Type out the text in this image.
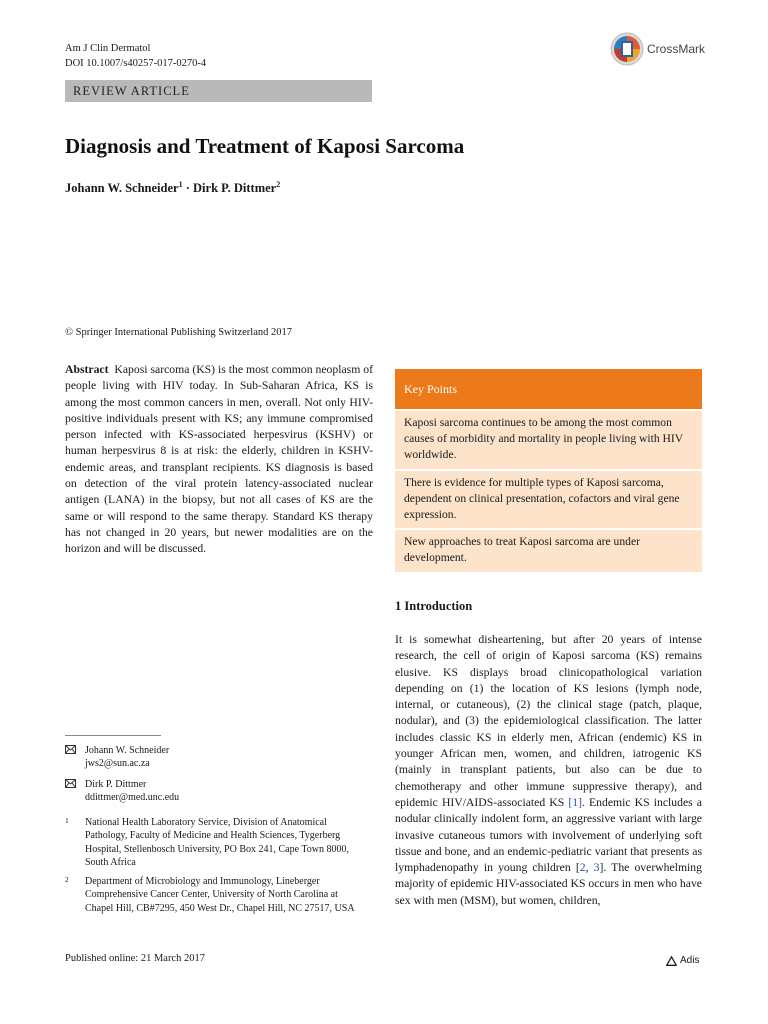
Am J Clin Dermatol
DOI 10.1007/s40257-017-0270-4
CrossMark
REVIEW ARTICLE
Diagnosis and Treatment of Kaposi Sarcoma
Johann W. Schneider$^1$ · Dirk P. Dittmer$^2$
© Springer International Publishing Switzerland 2017

Abstract Kaposi sarcoma (KS) is the most common neoplasm of people living with HIV today. In Sub-Saharan Africa, KS is among the most common cancers in men, overall. Not only HIV-positive individuals present with KS; any immune compromised person infected with KS-associated herpesvirus (KSHV) or human herpesvirus 8 is at risk: the elderly, children in KSHV-endemic areas, and transplant recipients. KS diagnosis is based on detection of the viral protein latency-associated nuclear antigen (LANA) in the biopsy, but not all cases of KS are the same or will respond to the same therapy. Standard KS therapy has not changed in 20 years, but newer modalities are on the horizon and will be discussed.

Key Points
Kaposi sarcoma continues to be among the most common causes of morbidity and mortality in people living with HIV worldwide.
There is evidence for multiple types of Kaposi sarcoma, dependent on clinical presentation, cofactors and viral gene expression.
New approaches to treat Kaposi sarcoma are under development.
1 Introduction

It is somewhat disheartening, but after 20 years of intense research, the cell of origin of Kaposi sarcoma (KS) remains elusive. KS displays broad clinicopathological variation depending on (1) the location of KS lesions (lymph node, internal, or cutaneous), (2) the clinical stage (patch, plaque, nodular), and (3) the epidemiological classification. The latter includes classic KS in elderly men, African (endemic) KS in younger African men, women, and children, iatrogenic KS (mainly in transplant patients, but also can be due to chemotherapy and other immune suppressive therapy), and epidemic HIV/AIDS-associated KS [1]. Endemic KS includes a nodular clinically indolent form, an aggressive variant with large invasive cutaneous tumors with involvement of underlying soft tissue and bone, and an endemic-pediatric variant that presents as lymphadenopathy in young children [2, 3]. The overwhelming majority of epidemic HIV-associated KS occurs in men who have sex with men (MSM), but women, children,

Johann W. Schneider
jws2@sun.ac.za
Dirk P. Dittmer
ddittmer@med.unc.edu
1	National Health Laboratory Service, Division of Anatomical Pathology, Faculty of Medicine and Health Sciences, Tygerberg Hospital, Stellenbosch University, PO Box 241, Cape Town 8000, South Africa
2	Department of Microbiology and Immunology, Lineberger Comprehensive Cancer Center, University of North Carolina at Chapel Hill, CB#7295, 450 West Dr., Chapel Hill, NC 27517, USA
Published online: 21 March 2017	Adis
